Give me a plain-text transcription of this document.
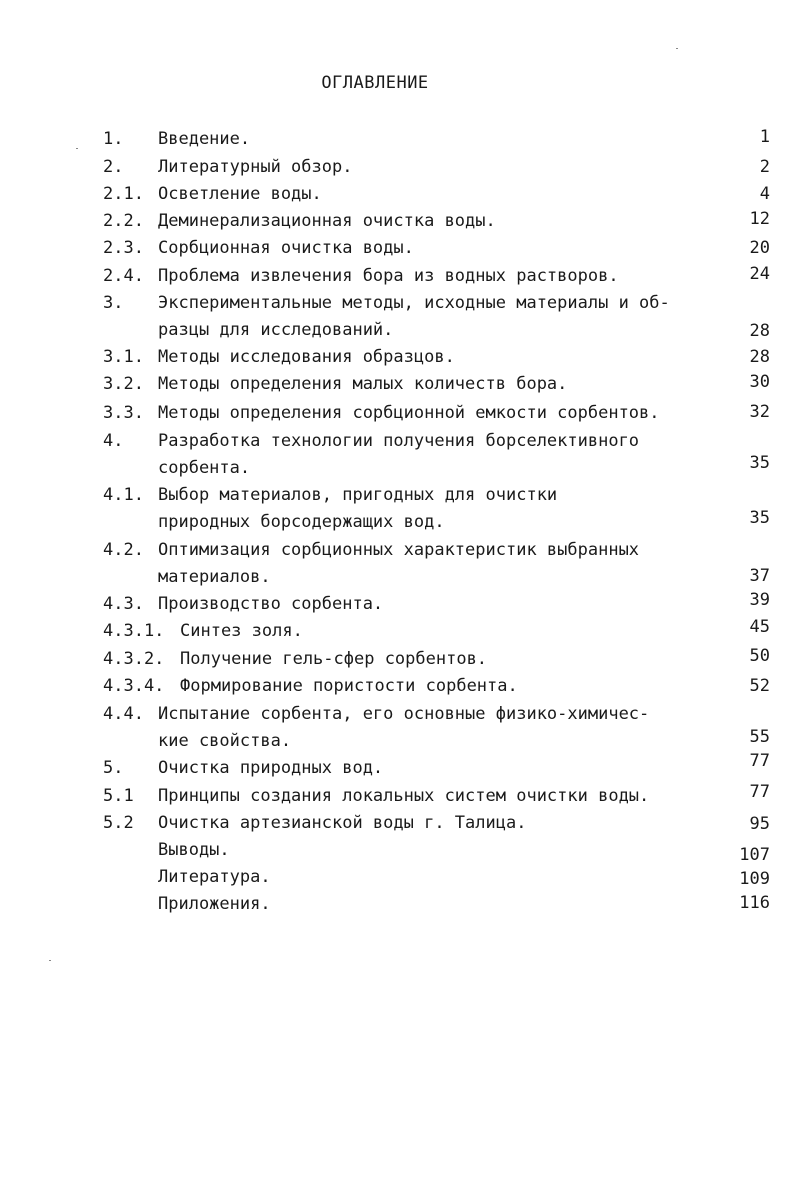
ОГЛАВЛЕНИЕ
1. Введение.	1
2. Литературный обзор.	2
2.1. Осветление воды.	4
2.2. Деминерализационная очистка воды.	12
2.3. Сорбционная очистка воды.	20
2.4. Проблема извлечения бора из водных растворов.	24
3. Экспериментальные методы, исходные материалы и об-
разцы для исследований.	28
3.1. Методы исследования образцов.	28
3.2. Методы определения малых количеств бора.	30
3.3. Методы определения сорбционной емкости сорбентов.	32
4. Разработка технологии получения борселективного
сорбента.	35
4.1. Выбор материалов, пригодных для очистки
природных борсодержащих вод.	35
4.2. Оптимизация сорбционных характеристик выбранных
материалов.	37
4.3. Производство сорбента.	39
4.3.1. Синтез золя.	45
4.3.2. Получение гель-сфер сорбентов.	50
4.3.4. Формирование пористости сорбента.	52
4.4. Испытание сорбента, его основные физико-химичес-
кие свойства.	55
5. Очистка природных вод.	77
5.1 Принципы создания локальных систем очистки воды.	77
5.2 Очистка артезианской воды г. Талица.	95
Выводы.	107
Литература.	109
Приложения.	116
